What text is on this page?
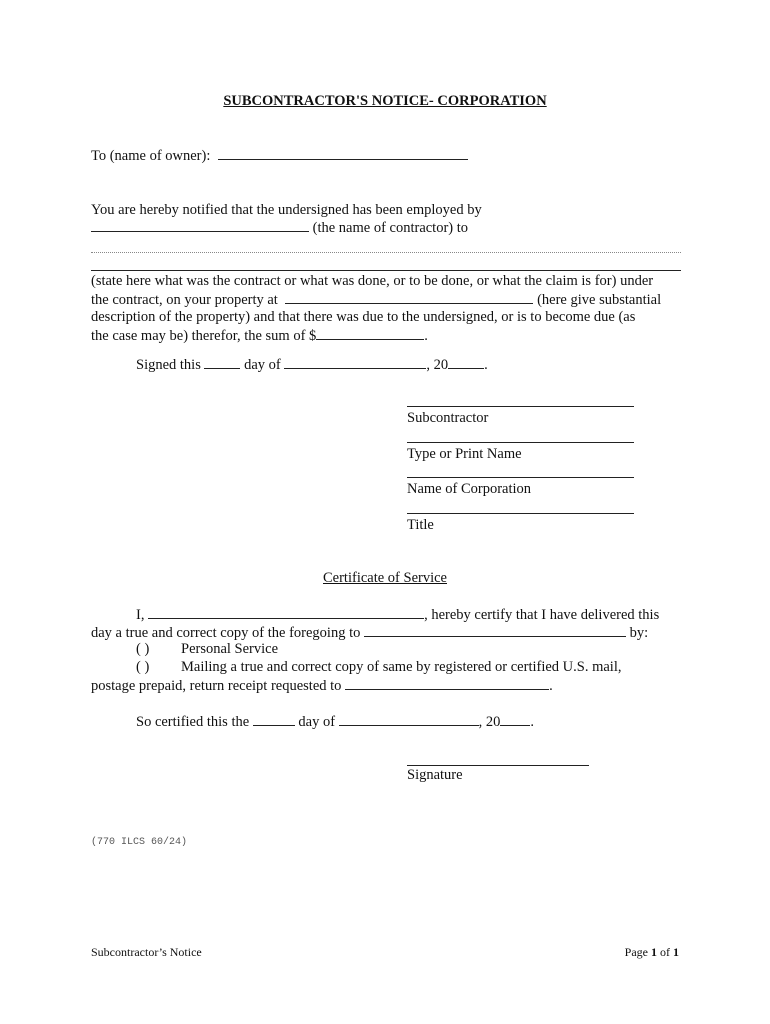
SUBCONTRACTOR'S NOTICE- CORPORATION
To (name of owner):
You are hereby notified that the undersigned has been employed by
(the name of contractor) to
(state here what was the contract or what was done, or to be done, or what the claim is for) under
the contract, on your property at	(here give substantial
description of the property) and that there was due to the undersigned, or is to become due (as
the case may be) therefor, the sum of $	.
Signed this	day of	, 20 .
Subcontractor
Type or Print Name
Name of Corporation
Title
Certificate of Service
I,	, hereby certify that I have delivered this
day a true and correct copy of the foregoing to	by:
( ) Personal Service
( ) Mailing a true and correct copy of same by registered or certified U.S. mail,
postage prepaid, return receipt requested to	.
So certified this the	day of	, 20 .
Signature
(770 ILCS 60/24)
Subcontractor’s Notice	Page 1 of 1
